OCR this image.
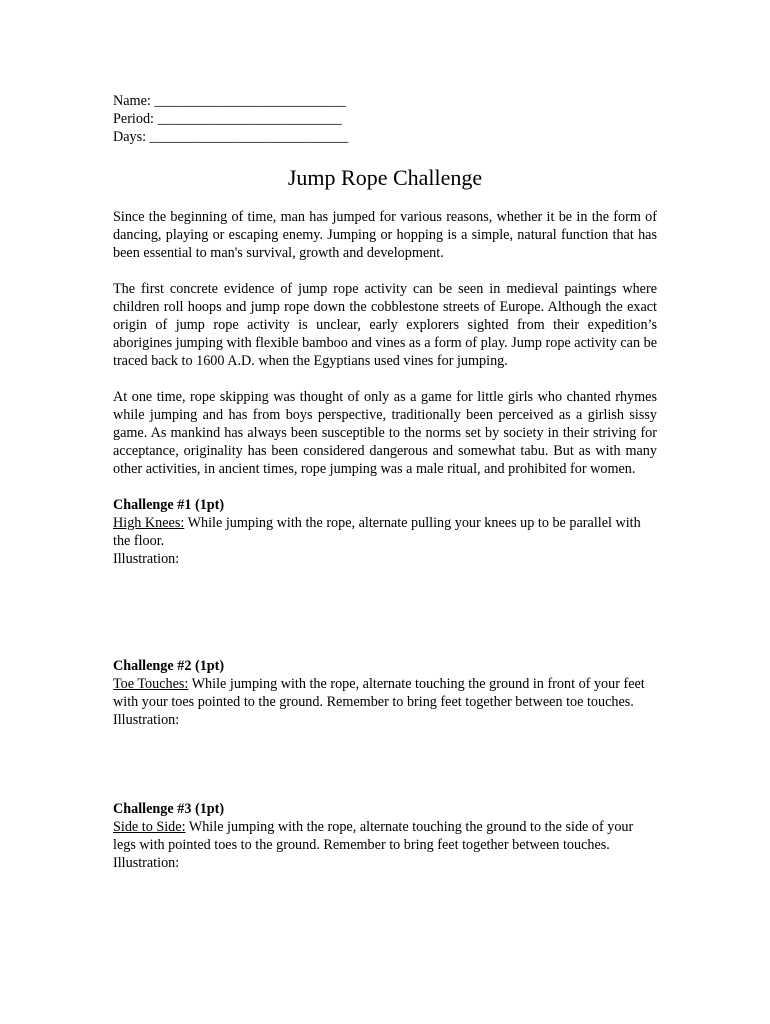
Name: ___________________________
Period: __________________________
Days: ____________________________
Jump Rope Challenge

Since the beginning of time, man has jumped for various reasons, whether it be in the form of dancing, playing or escaping enemy. Jumping or hopping is a simple, natural function that has been essential to man's survival, growth and development.

The first concrete evidence of jump rope activity can be seen in medieval paintings where children roll hoops and jump rope down the cobblestone streets of Europe. Although the exact origin of jump rope activity is unclear, early explorers sighted from their expedition’s aborigines jumping with flexible bamboo and vines as a form of play. Jump rope activity can be traced back to 1600 A.D. when the Egyptians used vines for jumping.

At one time, rope skipping was thought of only as a game for little girls who chanted rhymes while jumping and has from boys perspective, traditionally been perceived as a girlish sissy game. As mankind has always been susceptible to the norms set by society in their striving for acceptance, originality has been considered dangerous and somewhat tabu. But as with many other activities, in ancient times, rope jumping was a male ritual, and prohibited for women.

Challenge #1 (1pt)
High Knees: While jumping with the rope, alternate pulling your knees up to be parallel with the floor.
Illustration:
Challenge #2 (1pt)
Toe Touches: While jumping with the rope, alternate touching the ground in front of your feet with your toes pointed to the ground. Remember to bring feet together between toe touches.
Illustration:
Challenge #3 (1pt)
Side to Side: While jumping with the rope, alternate touching the ground to the side of your legs with pointed toes to the ground. Remember to bring feet together between touches.
Illustration:
